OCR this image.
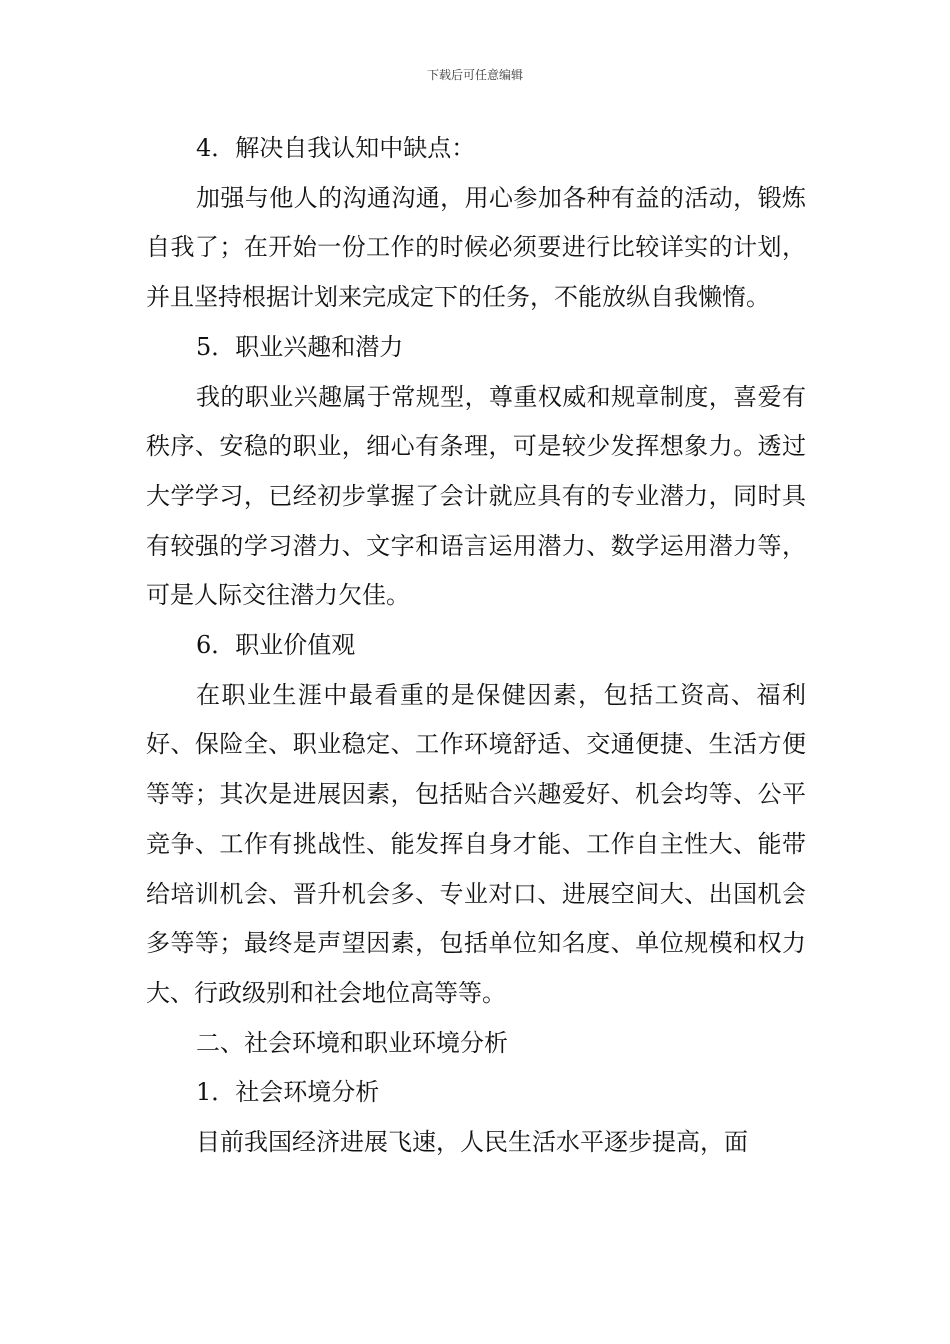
下载后可任意编辑

4．解决自我认知中缺点：

加强与他人的沟通沟通，用心参加各种有益的活动，锻炼自我了；在开始一份工作的时候必须要进行比较详实的计划，并且坚持根据计划来完成定下的任务，不能放纵自我懒惰。

5．职业兴趣和潜力

我的职业兴趣属于常规型，尊重权威和规章制度，喜爱有秩序、安稳的职业，细心有条理，可是较少发挥想象力。透过大学学习，已经初步掌握了会计就应具有的专业潜力，同时具有较强的学习潜力、文字和语言运用潜力、数学运用潜力等，可是人际交往潜力欠佳。

6．职业价值观

在职业生涯中最看重的是保健因素，包括工资高、福利好、保险全、职业稳定、工作环境舒适、交通便捷、生活方便等等；其次是进展因素，包括贴合兴趣爱好、机会均等、公平竞争、工作有挑战性、能发挥自身才能、工作自主性大、能带给培训机会、晋升机会多、专业对口、进展空间大、出国机会多等等；最终是声望因素，包括单位知名度、单位规模和权力大、行政级别和社会地位高等等。

二、社会环境和职业环境分析

1．社会环境分析

目前我国经济进展飞速，人民生活水平逐步提高，面
